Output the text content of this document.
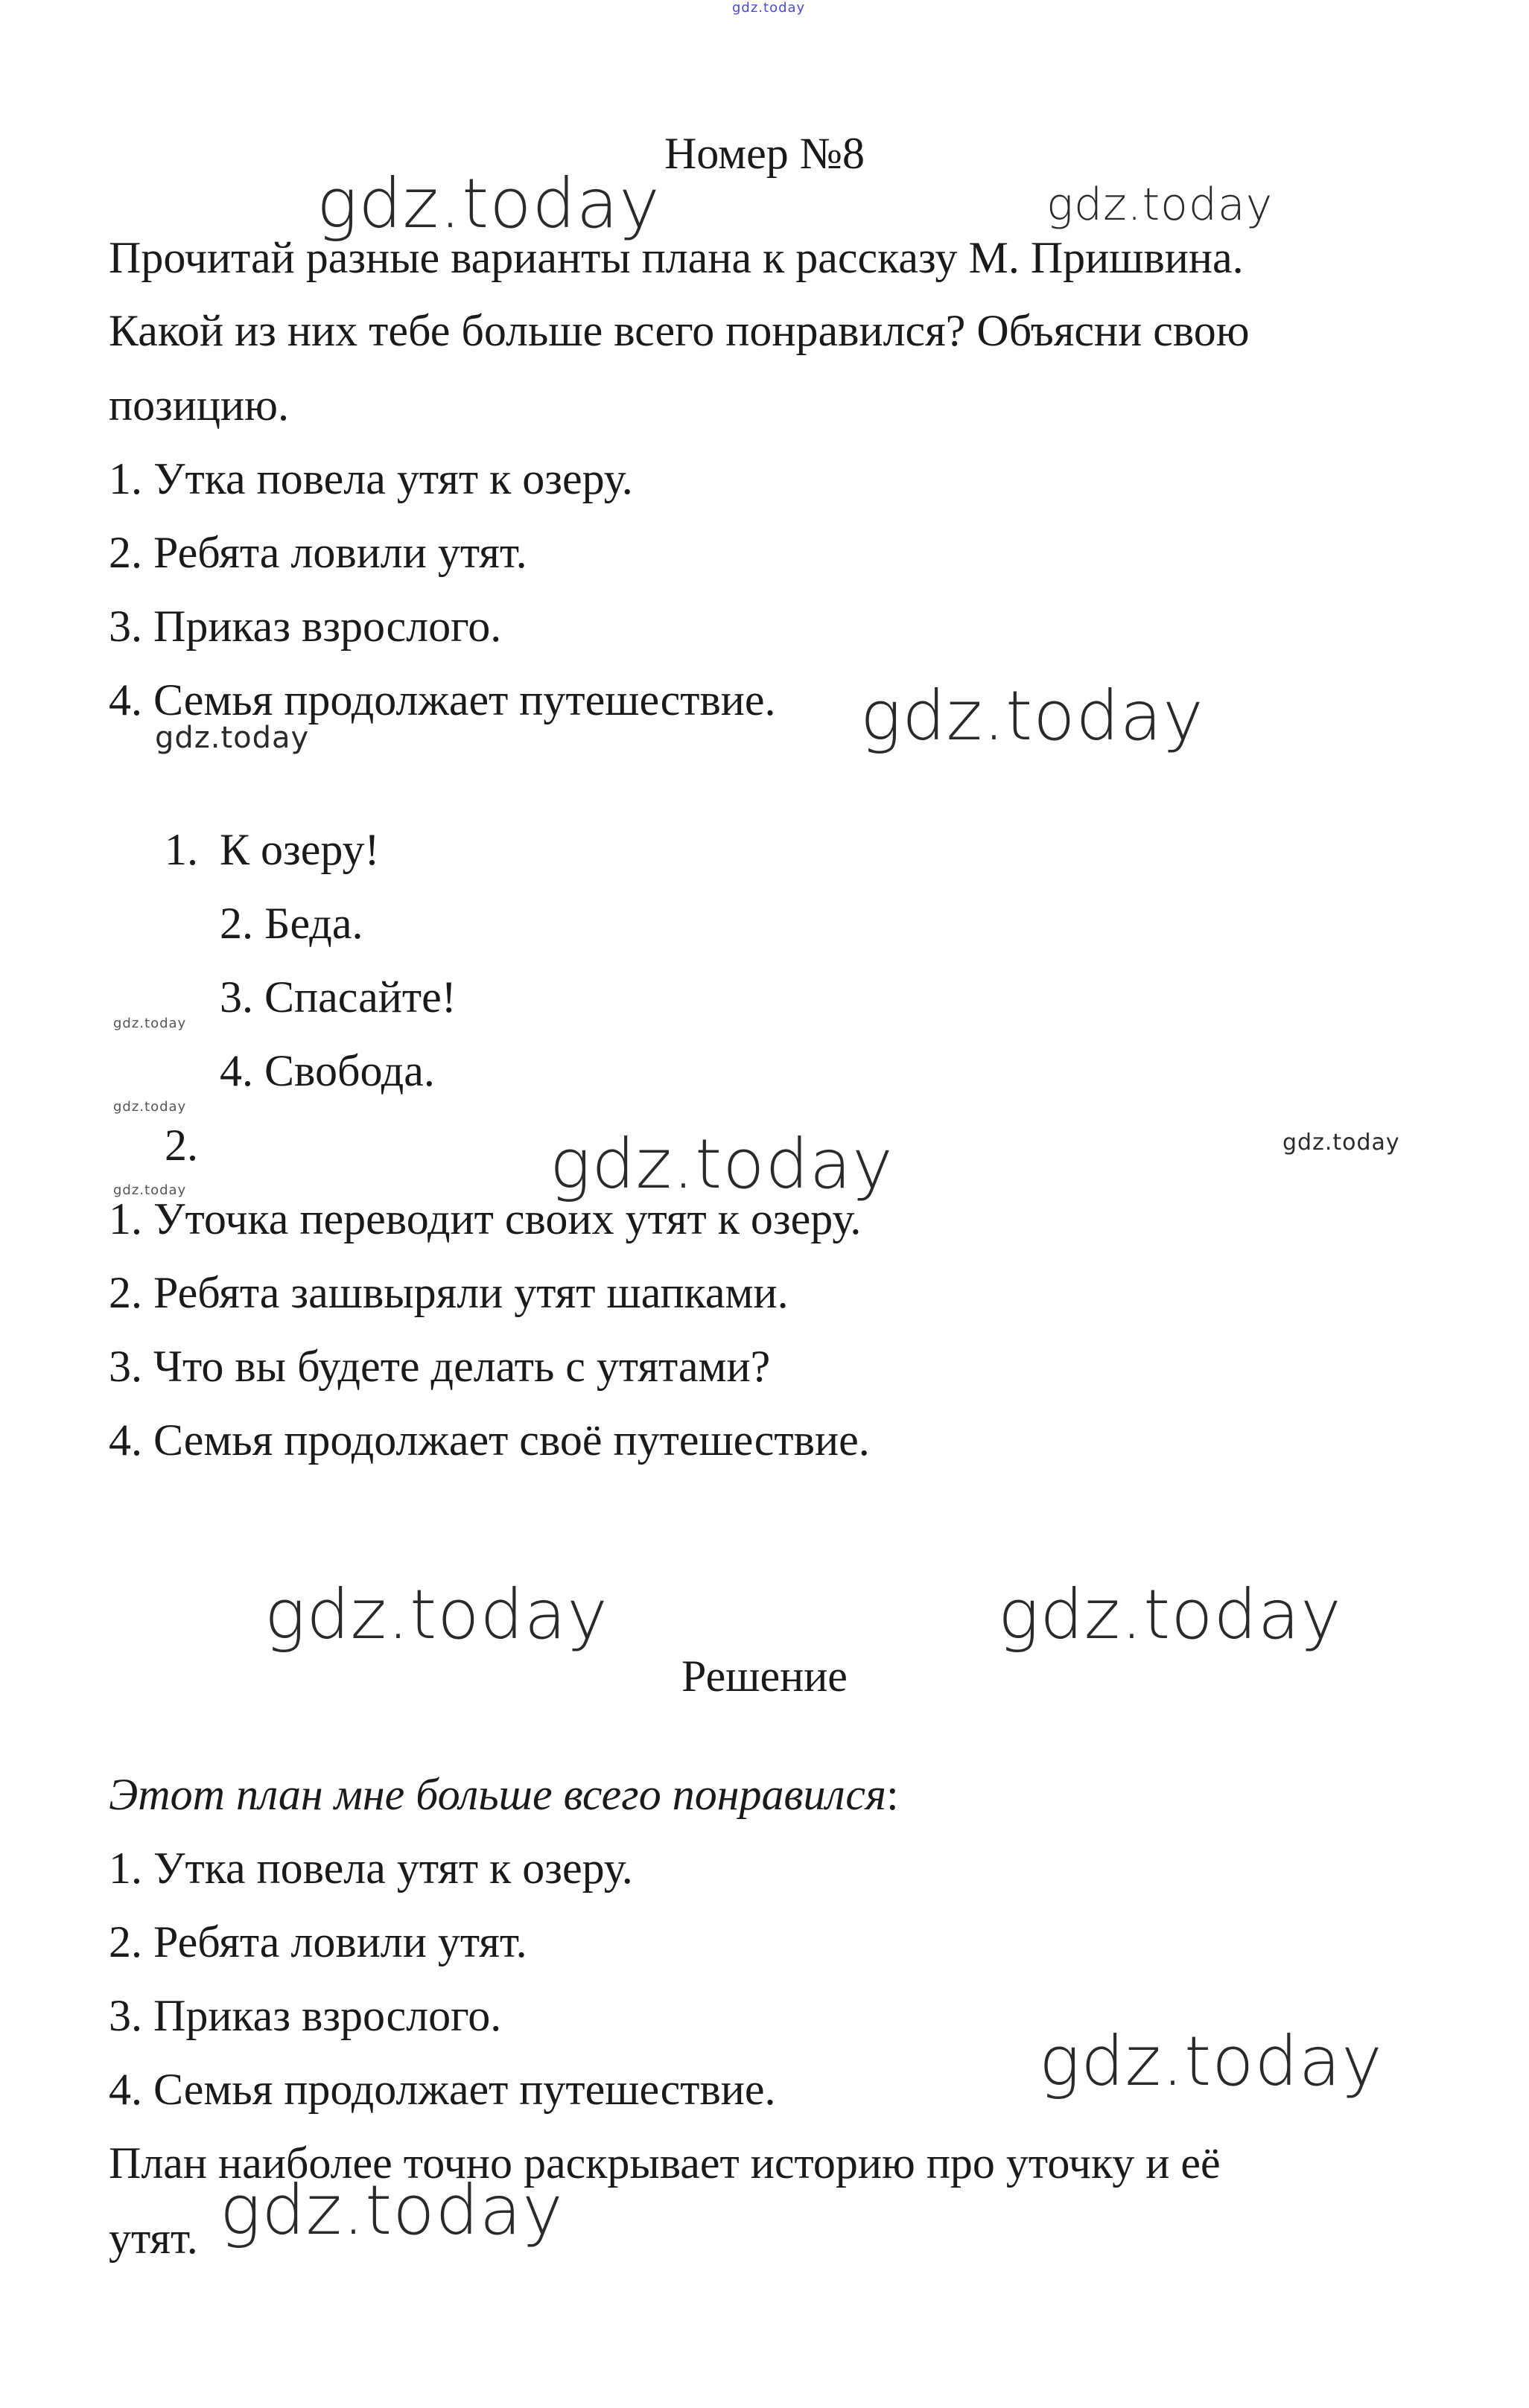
gdz.today
Номер №8
Прочитай разные варианты плана к рассказу М. Пришвина.
Какой из них тебе больше всего понравился? Объясни свою
позицию.
1. Утка повела утят к озеру.
2. Ребята ловили утят.
3. Приказ взрослого.
4. Семья продолжает путешествие.
1. К озеру!
2. Беда.
3. Спасайте!
4. Свобода.
2.
1. Уточка переводит своих утят к озеру.
2. Ребята зашвыряли утят шапками.
3. Что вы будете делать с утятами?
4. Семья продолжает своё путешествие.
Решение
Этот план мне больше всего понравился:
1. Утка повела утят к озеру.
2. Ребята ловили утят.
3. Приказ взрослого.
4. Семья продолжает путешествие.
План наиболее точно раскрывает историю про уточку и её
утят.
gdz.today	gdz.today
gdz.today
gdz.today
gdz.today
gdz.today
gdz.today	gdz.today	gdz.today
gdz.today	gdz.today
gdz.today
gdz.today
